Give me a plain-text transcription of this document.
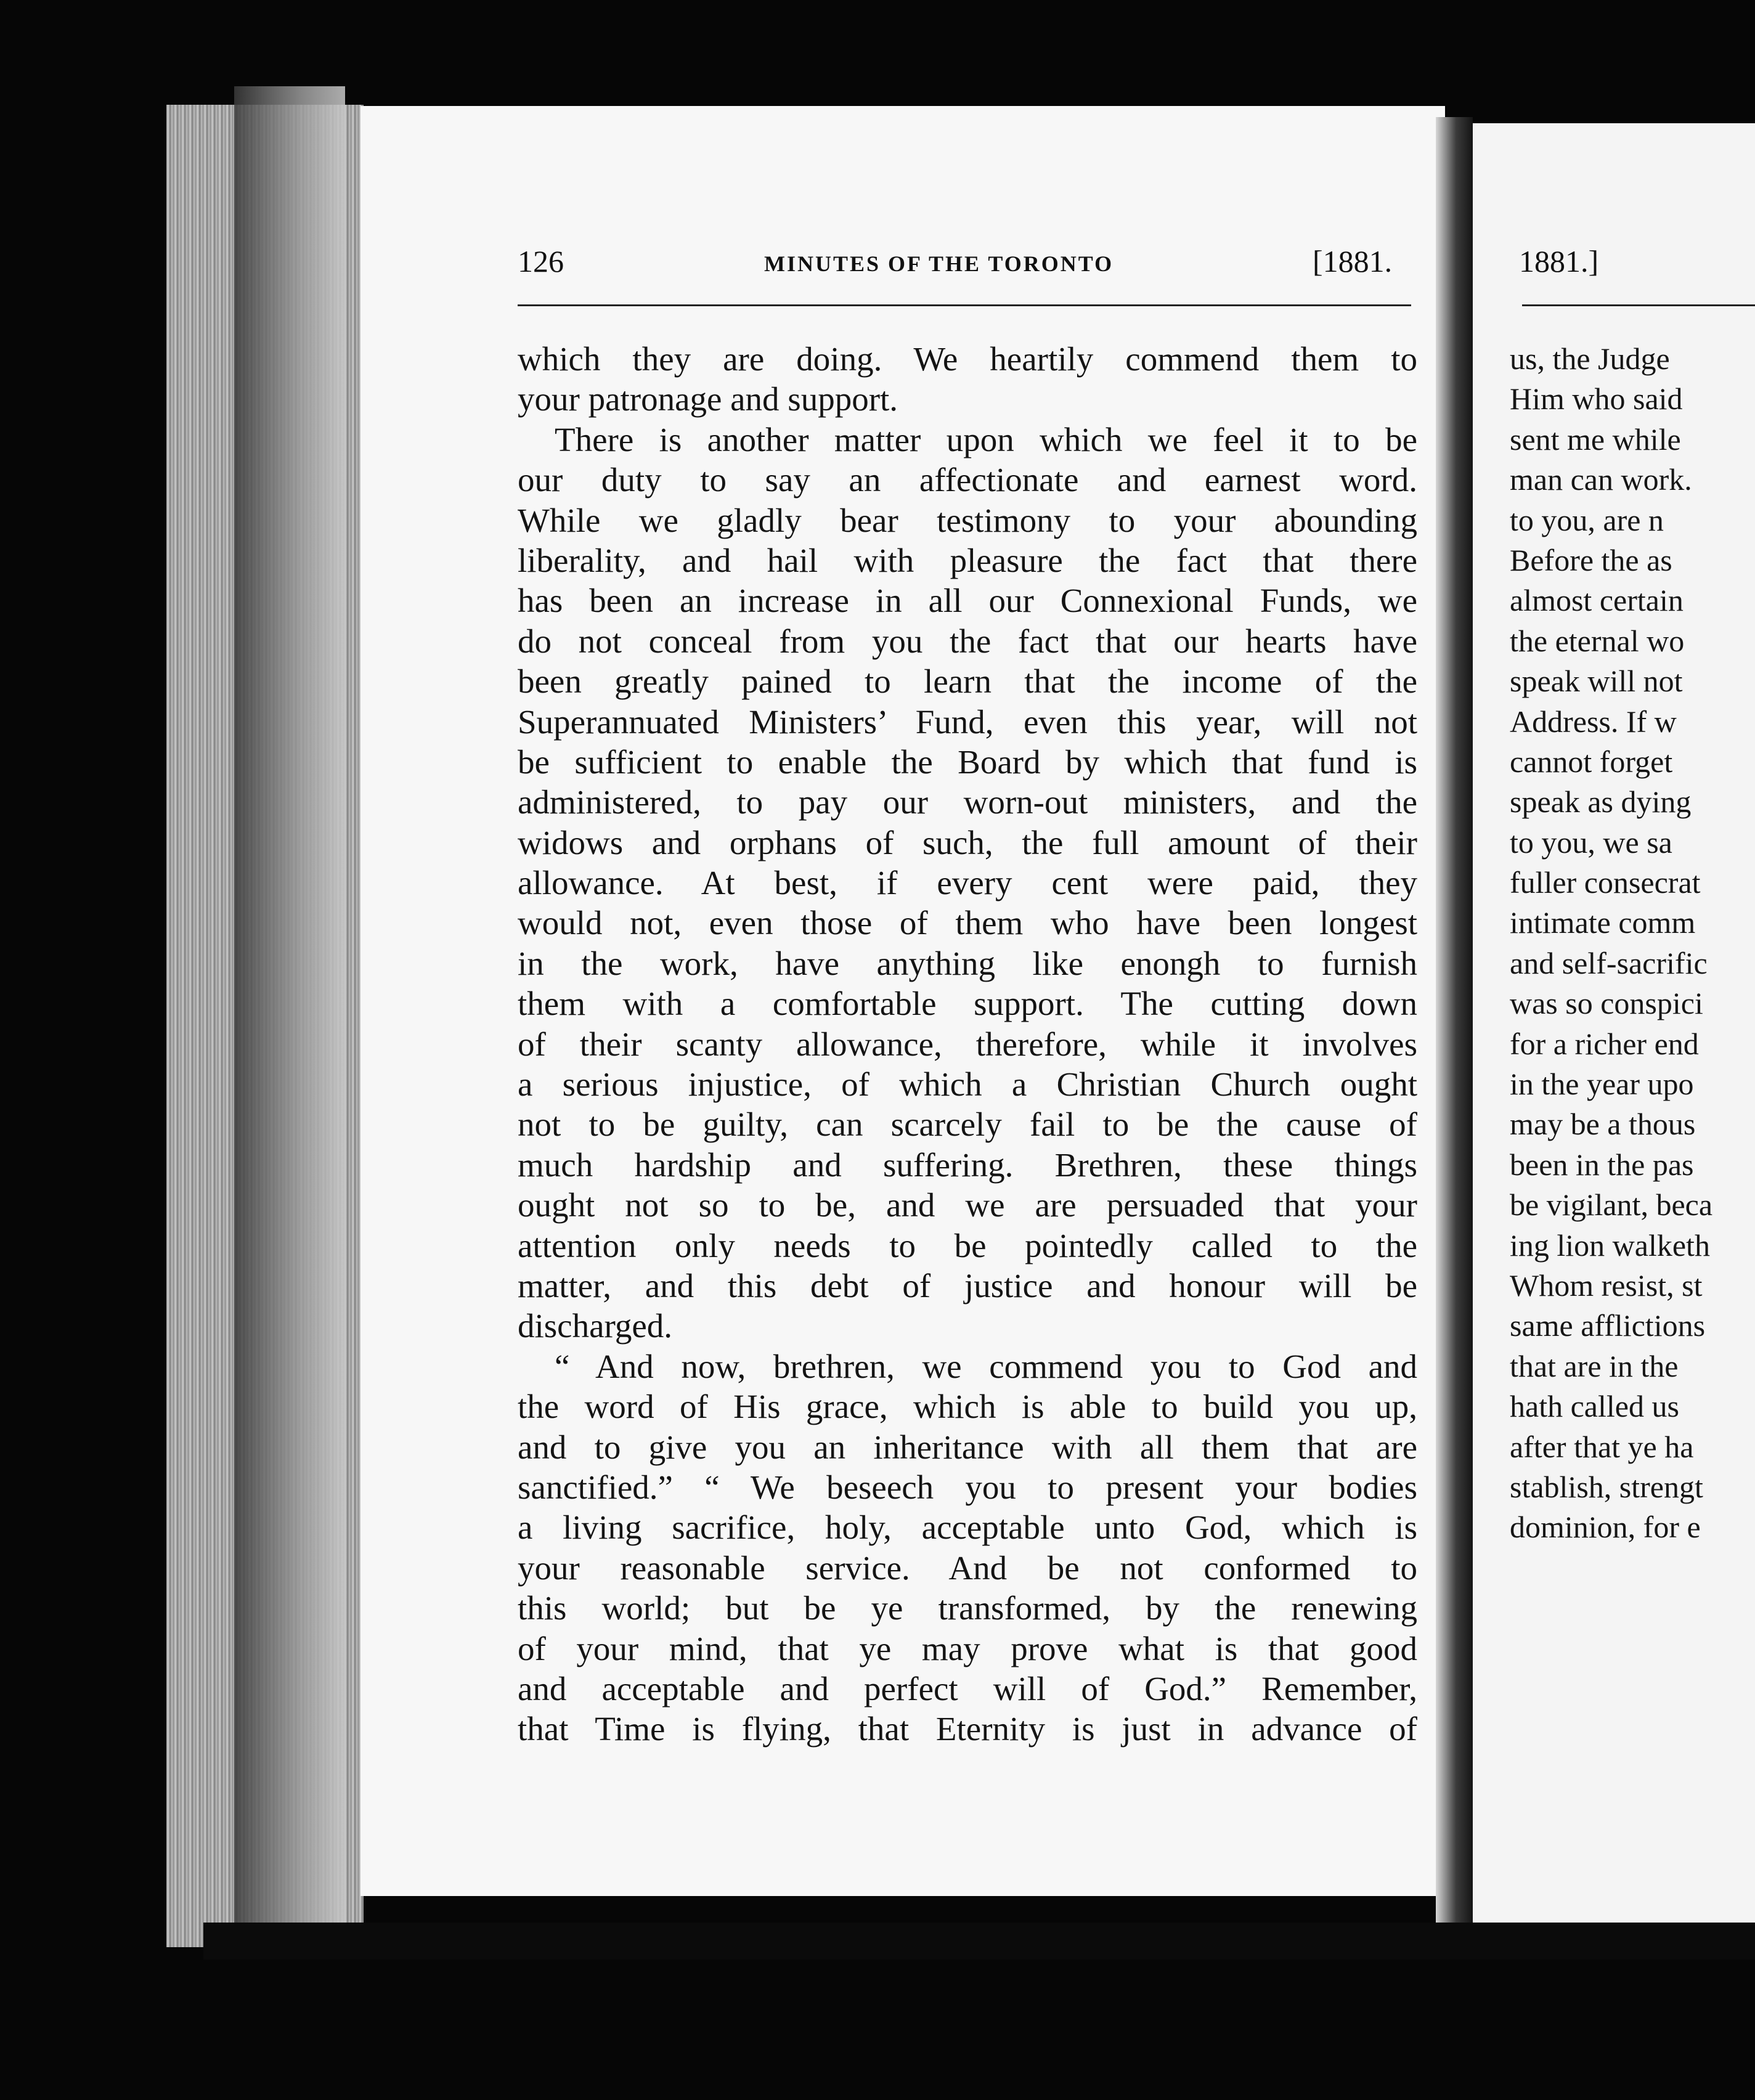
126	MINUTES OF THE TORONTO	[1881.	1881.]
which they are doing. We heartily commend them to
your patronage and support.
There is another matter upon which we feel it to be
our duty to say an affectionate and earnest word.
While we gladly bear testimony to your abounding
liberality, and hail with pleasure the fact that there
has been an increase in all our Connexional Funds, we
do not conceal from you the fact that our hearts have
been greatly pained to learn that the income of the
Superannuated Ministers’ Fund, even this year, will not
be sufficient to enable the Board by which that fund is
administered, to pay our worn-out ministers, and the
widows and orphans of such, the full amount of their
allowance. At best, if every cent were paid, they
would not, even those of them who have been longest
in the work, have anything like enongh to furnish
them with a comfortable support. The cutting down
of their scanty allowance, therefore, while it involves
a serious injustice, of which a Christian Church ought
not to be guilty, can scarcely fail to be the cause of
much hardship and suffering. Brethren, these things
ought not so to be, and we are persuaded that your
attention only needs to be pointedly called to the
matter, and this debt of justice and honour will be
discharged.
“ And now, brethren, we commend you to God and
the word of His grace, which is able to build you up,
and to give you an inheritance with all them that are
sanctified.” “ We beseech you to present your bodies
a living sacrifice, holy, acceptable unto God, which is
your reasonable service. And be not conformed to
this world; but be ye transformed, by the renewing
of your mind, that ye may prove what is that good
and acceptable and perfect will of God.” Remember,
that Time is flying, that Eternity is just in advance of
us, the Judge
Him who said
sent me while
man can work.
to you, are n
Before the as
almost certain
the eternal wo
speak will not
Address. If w
cannot forget
speak as dying
to you, we sa
fuller consecrat
intimate comm
and self-sacrific
was so conspici
for a richer end
in the year upo
may be a thous
been in the pas
be vigilant, beca
ing lion walketh
Whom resist, st
same afflictions
that are in the
hath called us
after that ye ha
stablish, strengt
dominion, for e
